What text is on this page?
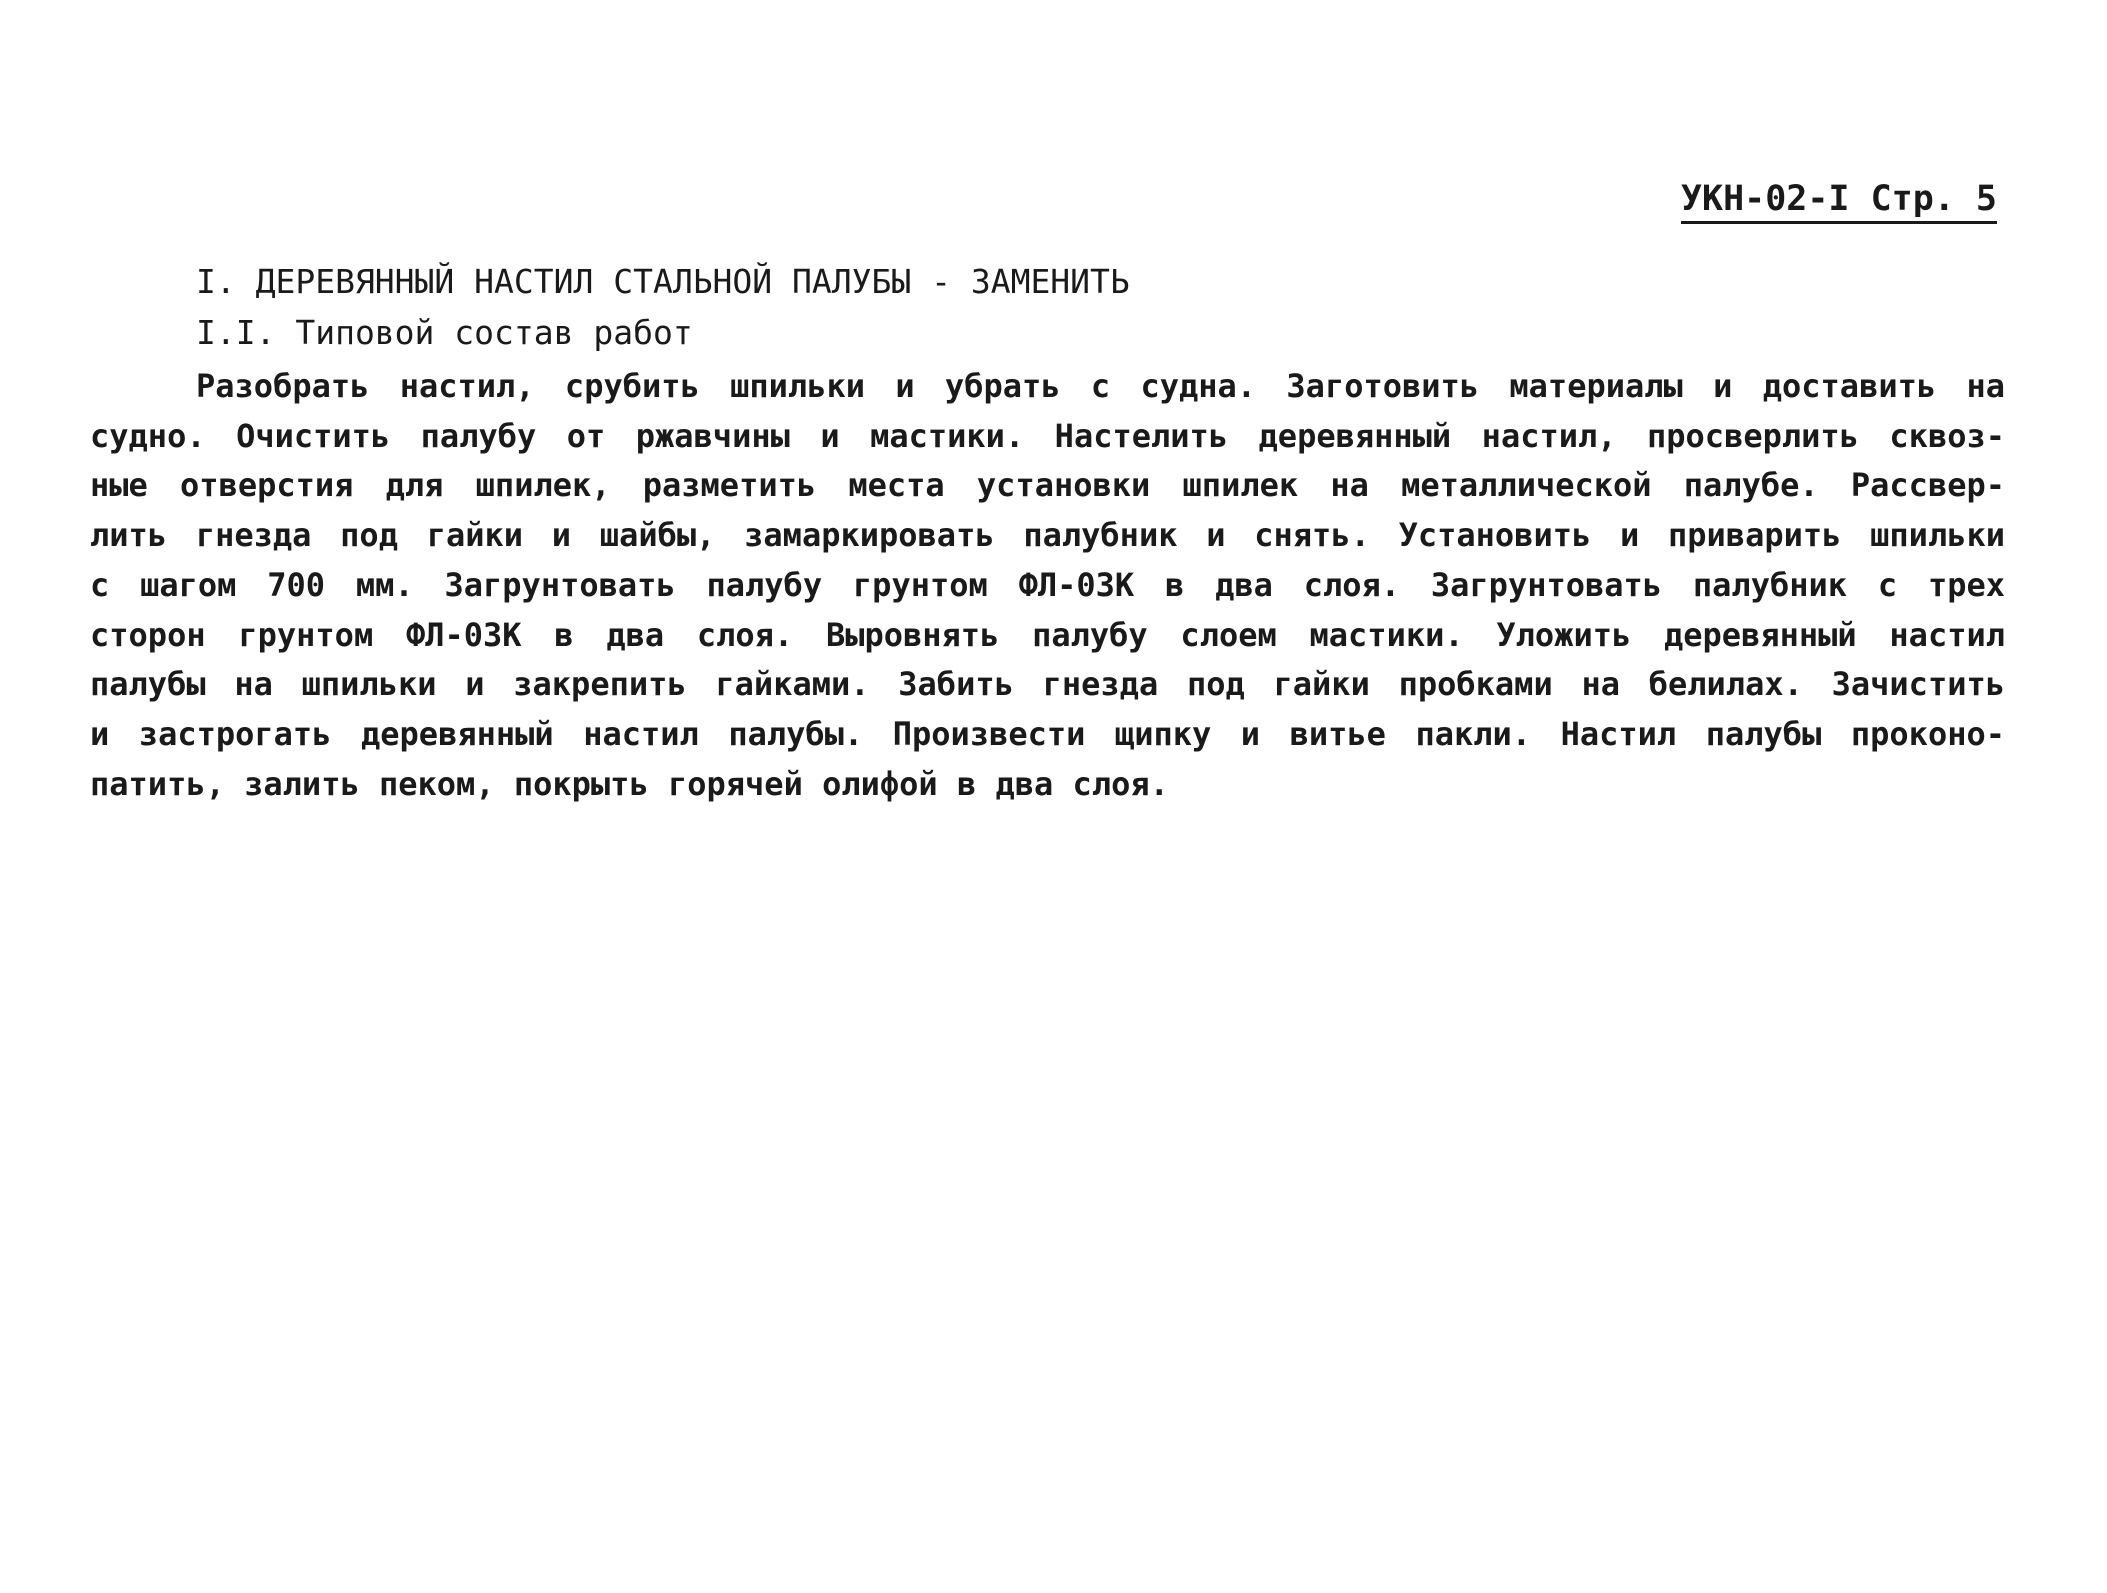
УКН-02-I Стр. 5
I. ДЕРЕВЯННЫЙ НАСТИЛ СТАЛЬНОЙ ПАЛУБЫ - ЗАМЕНИТЬ
I.I. Типовой состав работ
Разобрать настил, срубить шпильки и убрать с судна. Заготовить материалы и доставить на
судно. Очистить палубу от ржавчины и мастики. Настелить деревянный настил, просверлить сквоз-
ные отверстия для шпилек, разметить места установки шпилек на металлической палубе. Рассвер-
лить гнезда под гайки и шайбы, замаркировать палубник и снять. Установить и приварить шпильки
с шагом 700 мм. Загрунтовать палубу грунтом ФЛ-03К в два слоя. Загрунтовать палубник с трех
сторон грунтом ФЛ-03К в два слоя. Выровнять палубу слоем мастики. Уложить деревянный настил
палубы на шпильки и закрепить гайками. Забить гнезда под гайки пробками на белилах. Зачистить
и застрогать деревянный настил палубы. Произвести щипку и витье пакли. Настил палубы проконо-
патить, залить пеком, покрыть горячей олифой в два слоя.
